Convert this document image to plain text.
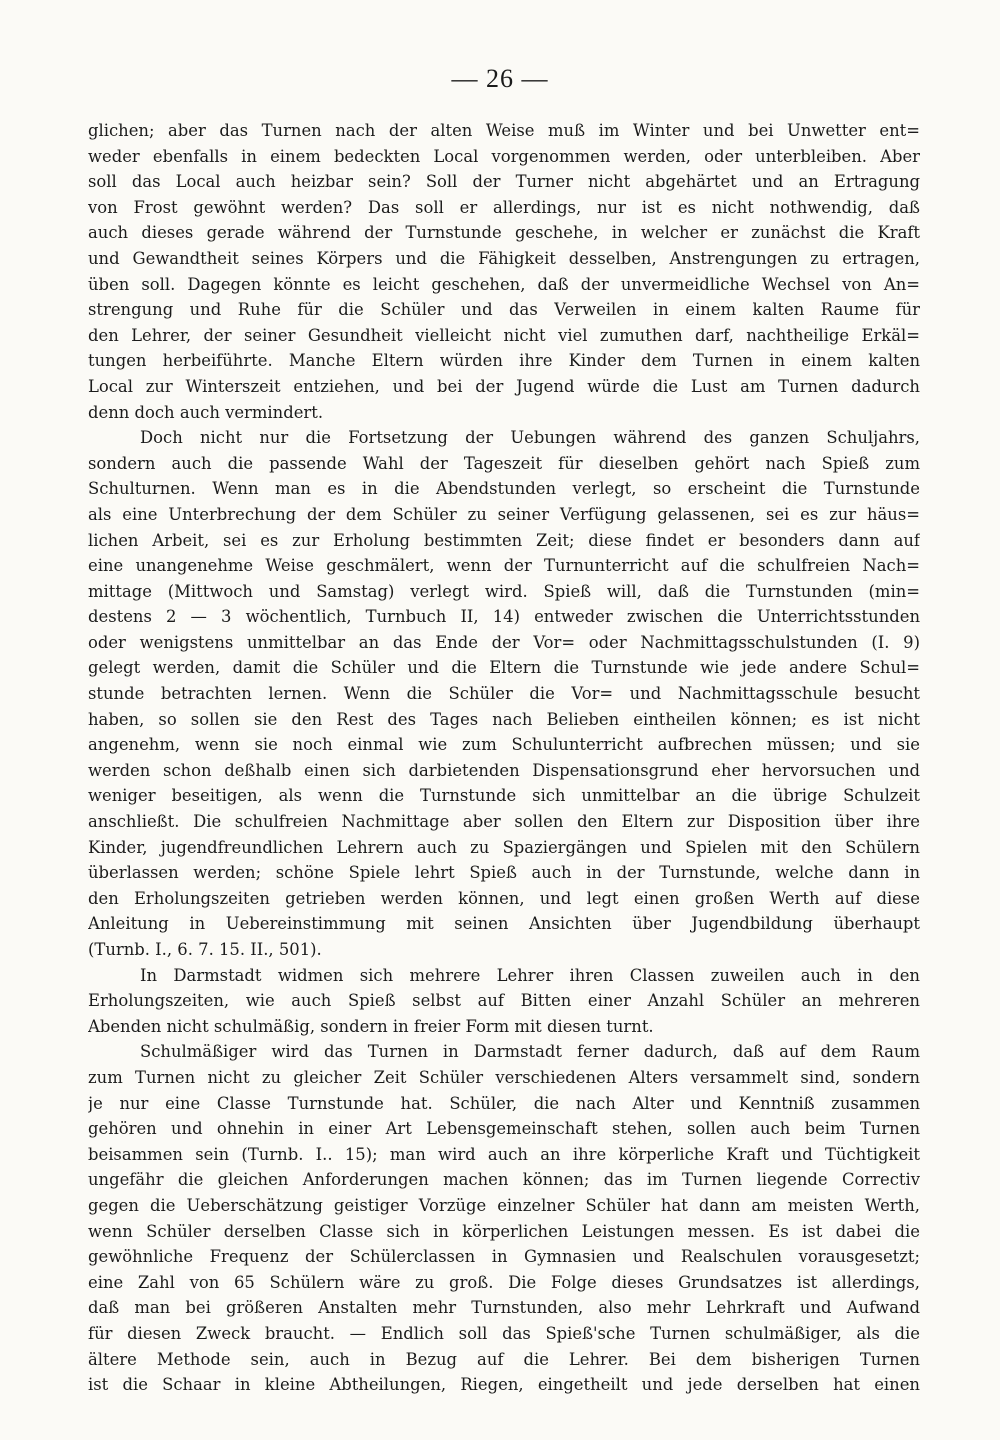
— 26 —
glichen; aber das Turnen nach der alten Weise muß im Winter und bei Unwetter ent=
weder ebenfalls in einem bedeckten Local vorgenommen werden, oder unterbleiben. Aber
soll das Local auch heizbar sein? Soll der Turner nicht abgehärtet und an Ertragung
von Frost gewöhnt werden? Das soll er allerdings, nur ist es nicht nothwendig, daß
auch dieses gerade während der Turnstunde geschehe, in welcher er zunächst die Kraft
und Gewandtheit seines Körpers und die Fähigkeit desselben, Anstrengungen zu ertragen,
üben soll. Dagegen könnte es leicht geschehen, daß der unvermeidliche Wechsel von An=
strengung und Ruhe für die Schüler und das Verweilen in einem kalten Raume für
den Lehrer, der seiner Gesundheit vielleicht nicht viel zumuthen darf, nachtheilige Erkäl=
tungen herbeiführte. Manche Eltern würden ihre Kinder dem Turnen in einem kalten
Local zur Winterszeit entziehen, und bei der Jugend würde die Lust am Turnen dadurch
denn doch auch vermindert.
Doch nicht nur die Fortsetzung der Uebungen während des ganzen Schuljahrs,
sondern auch die passende Wahl der Tageszeit für dieselben gehört nach Spieß zum
Schulturnen. Wenn man es in die Abendstunden verlegt, so erscheint die Turnstunde
als eine Unterbrechung der dem Schüler zu seiner Verfügung gelassenen, sei es zur häus=
lichen Arbeit, sei es zur Erholung bestimmten Zeit; diese findet er besonders dann auf
eine unangenehme Weise geschmälert, wenn der Turnunterricht auf die schulfreien Nach=
mittage (Mittwoch und Samstag) verlegt wird. Spieß will, daß die Turnstunden (min=
destens 2 — 3 wöchentlich, Turnbuch II, 14) entweder zwischen die Unterrichtsstunden
oder wenigstens unmittelbar an das Ende der Vor= oder Nachmittagsschulstunden (I. 9)
gelegt werden, damit die Schüler und die Eltern die Turnstunde wie jede andere Schul=
stunde betrachten lernen. Wenn die Schüler die Vor= und Nachmittagsschule besucht
haben, so sollen sie den Rest des Tages nach Belieben eintheilen können; es ist nicht
angenehm, wenn sie noch einmal wie zum Schulunterricht aufbrechen müssen; und sie
werden schon deßhalb einen sich darbietenden Dispensationsgrund eher hervorsuchen und
weniger beseitigen, als wenn die Turnstunde sich unmittelbar an die übrige Schulzeit
anschließt. Die schulfreien Nachmittage aber sollen den Eltern zur Disposition über ihre
Kinder, jugendfreundlichen Lehrern auch zu Spaziergängen und Spielen mit den Schülern
überlassen werden; schöne Spiele lehrt Spieß auch in der Turnstunde, welche dann in
den Erholungszeiten getrieben werden können, und legt einen großen Werth auf diese
Anleitung in Uebereinstimmung mit seinen Ansichten über Jugendbildung überhaupt
(Turnb. I., 6. 7. 15. II., 501).
In Darmstadt widmen sich mehrere Lehrer ihren Classen zuweilen auch in den
Erholungszeiten, wie auch Spieß selbst auf Bitten einer Anzahl Schüler an mehreren
Abenden nicht schulmäßig, sondern in freier Form mit diesen turnt.
Schulmäßiger wird das Turnen in Darmstadt ferner dadurch, daß auf dem Raum
zum Turnen nicht zu gleicher Zeit Schüler verschiedenen Alters versammelt sind, sondern
je nur eine Classe Turnstunde hat. Schüler, die nach Alter und Kenntniß zusammen
gehören und ohnehin in einer Art Lebensgemeinschaft stehen, sollen auch beim Turnen
beisammen sein (Turnb. I.. 15); man wird auch an ihre körperliche Kraft und Tüchtigkeit
ungefähr die gleichen Anforderungen machen können; das im Turnen liegende Correctiv
gegen die Ueberschätzung geistiger Vorzüge einzelner Schüler hat dann am meisten Werth,
wenn Schüler derselben Classe sich in körperlichen Leistungen messen. Es ist dabei die
gewöhnliche Frequenz der Schülerclassen in Gymnasien und Realschulen vorausgesetzt;
eine Zahl von 65 Schülern wäre zu groß. Die Folge dieses Grundsatzes ist allerdings,
daß man bei größeren Anstalten mehr Turnstunden, also mehr Lehrkraft und Aufwand
für diesen Zweck braucht. — Endlich soll das Spieß'sche Turnen schulmäßiger, als die
ältere Methode sein, auch in Bezug auf die Lehrer. Bei dem bisherigen Turnen
ist die Schaar in kleine Abtheilungen, Riegen, eingetheilt und jede derselben hat einen
